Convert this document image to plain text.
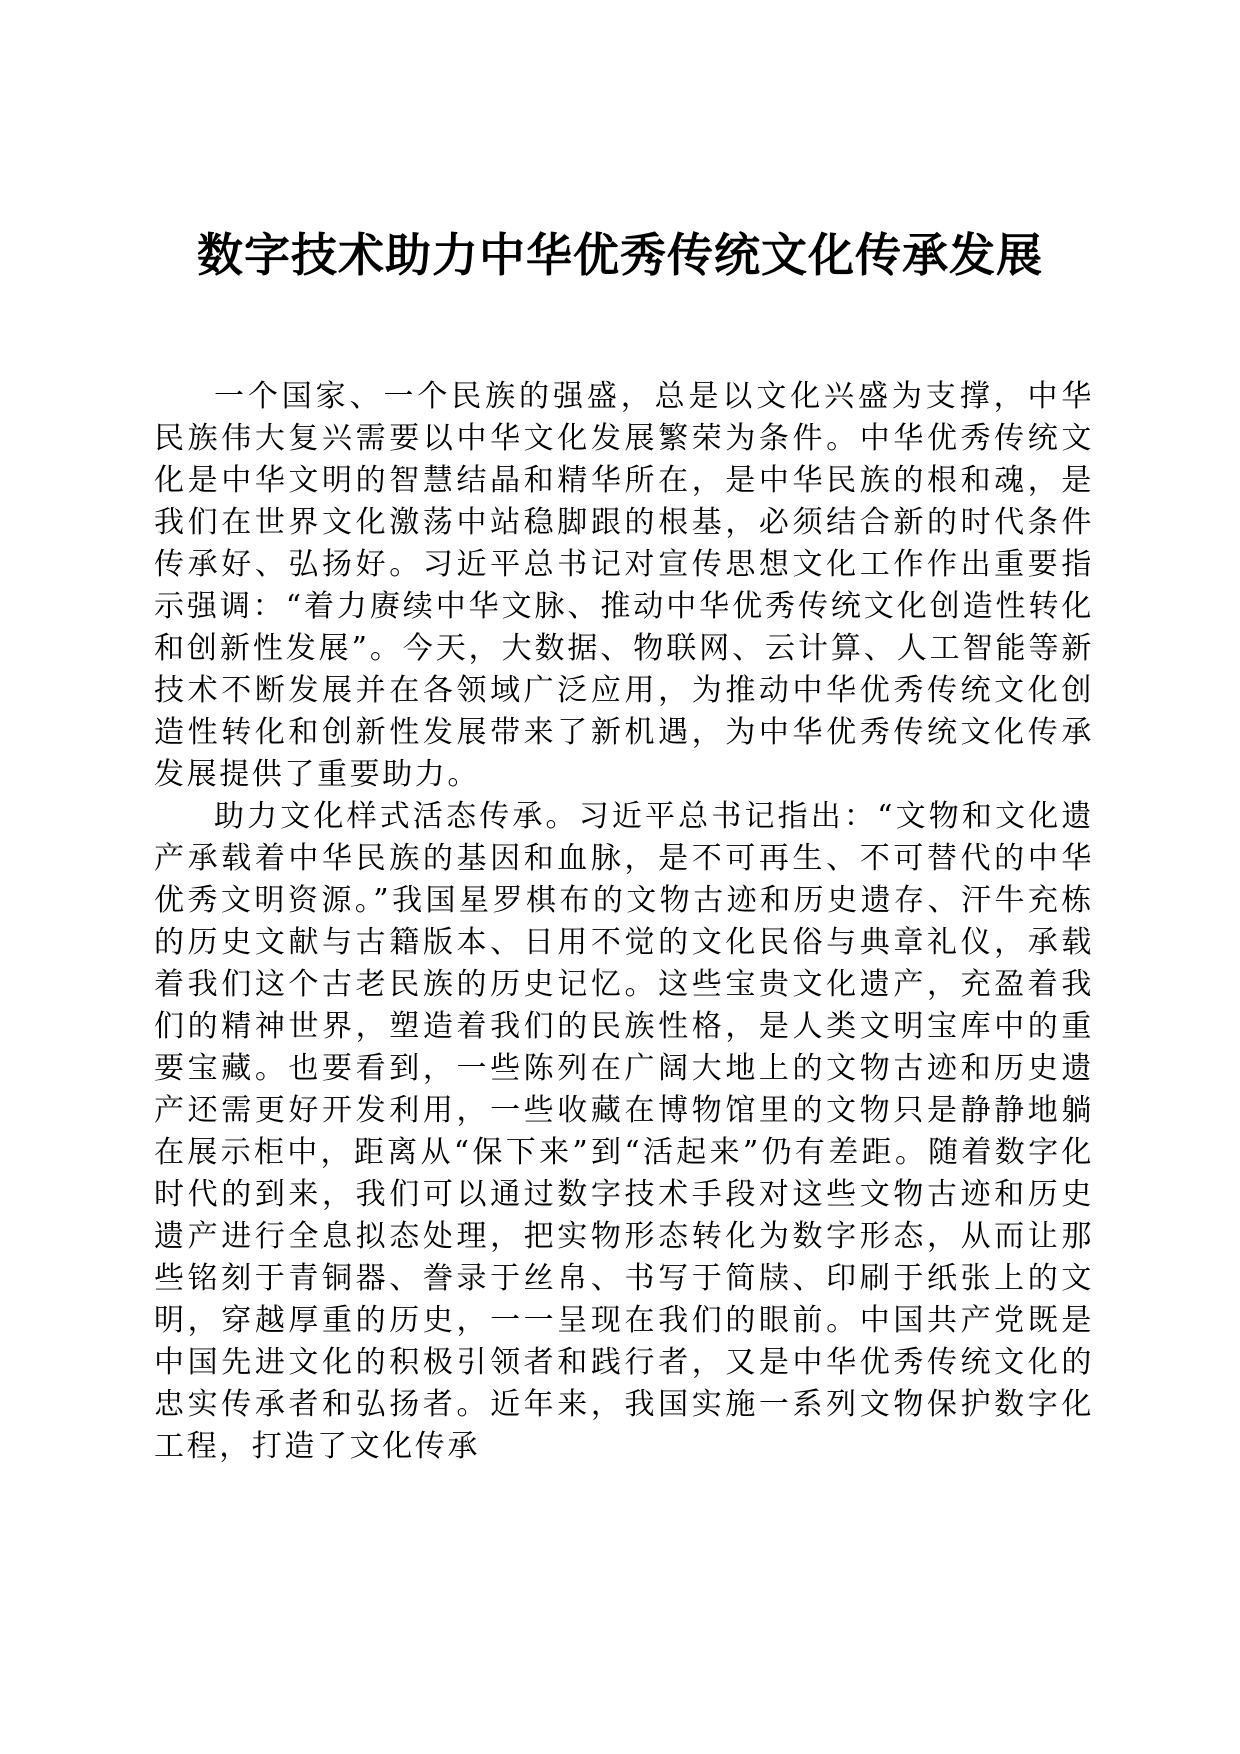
数字技术助力中华优秀传统文化传承发展

一个国家、一个民族的强盛，总是以文化兴盛为支撑，中华民族伟大复兴需要以中华文化发展繁荣为条件。中华优秀传统文化是中华文明的智慧结晶和精华所在，是中华民族的根和魂，是我们在世界文化激荡中站稳脚跟的根基，必须结合新的时代条件传承好、弘扬好。习近平总书记对宣传思想文化工作作出重要指示强调：“着力赓续中华文脉、推动中华优秀传统文化创造性转化和创新性发展”。今天，大数据、物联网、云计算、人工智能等新技术不断发展并在各领域广泛应用，为推动中华优秀传统文化创造性转化和创新性发展带来了新机遇，为中华优秀传统文化传承发展提供了重要助力。

助力文化样式活态传承。习近平总书记指出：“文物和文化遗产承载着中华民族的基因和血脉，是不可再生、不可替代的中华优秀文明资源。”我国星罗棋布的文物古迹和历史遗存、汗牛充栋的历史文献与古籍版本、日用不觉的文化民俗与典章礼仪，承载着我们这个古老民族的历史记忆。这些宝贵文化遗产，充盈着我们的精神世界，塑造着我们的民族性格，是人类文明宝库中的重要宝藏。也要看到，一些陈列在广阔大地上的文物古迹和历史遗产还需更好开发利用，一些收藏在博物馆里的文物只是静静地躺在展示柜中，距离从“保下来”到“活起来”仍有差距。随着数字化时代的到来，我们可以通过数字技术手段对这些文物古迹和历史遗产进行全息拟态处理，把实物形态转化为数字形态，从而让那些铭刻于青铜器、誊录于丝帛、书写于简牍、印刷于纸张上的文明，穿越厚重的历史，一一呈现在我们的眼前。中国共产党既是中国先进文化的积极引领者和践行者，又是中华优秀传统文化的忠实传承者和弘扬者。近年来，我国实施一系列文物保护数字化工程，打造了文化传承
